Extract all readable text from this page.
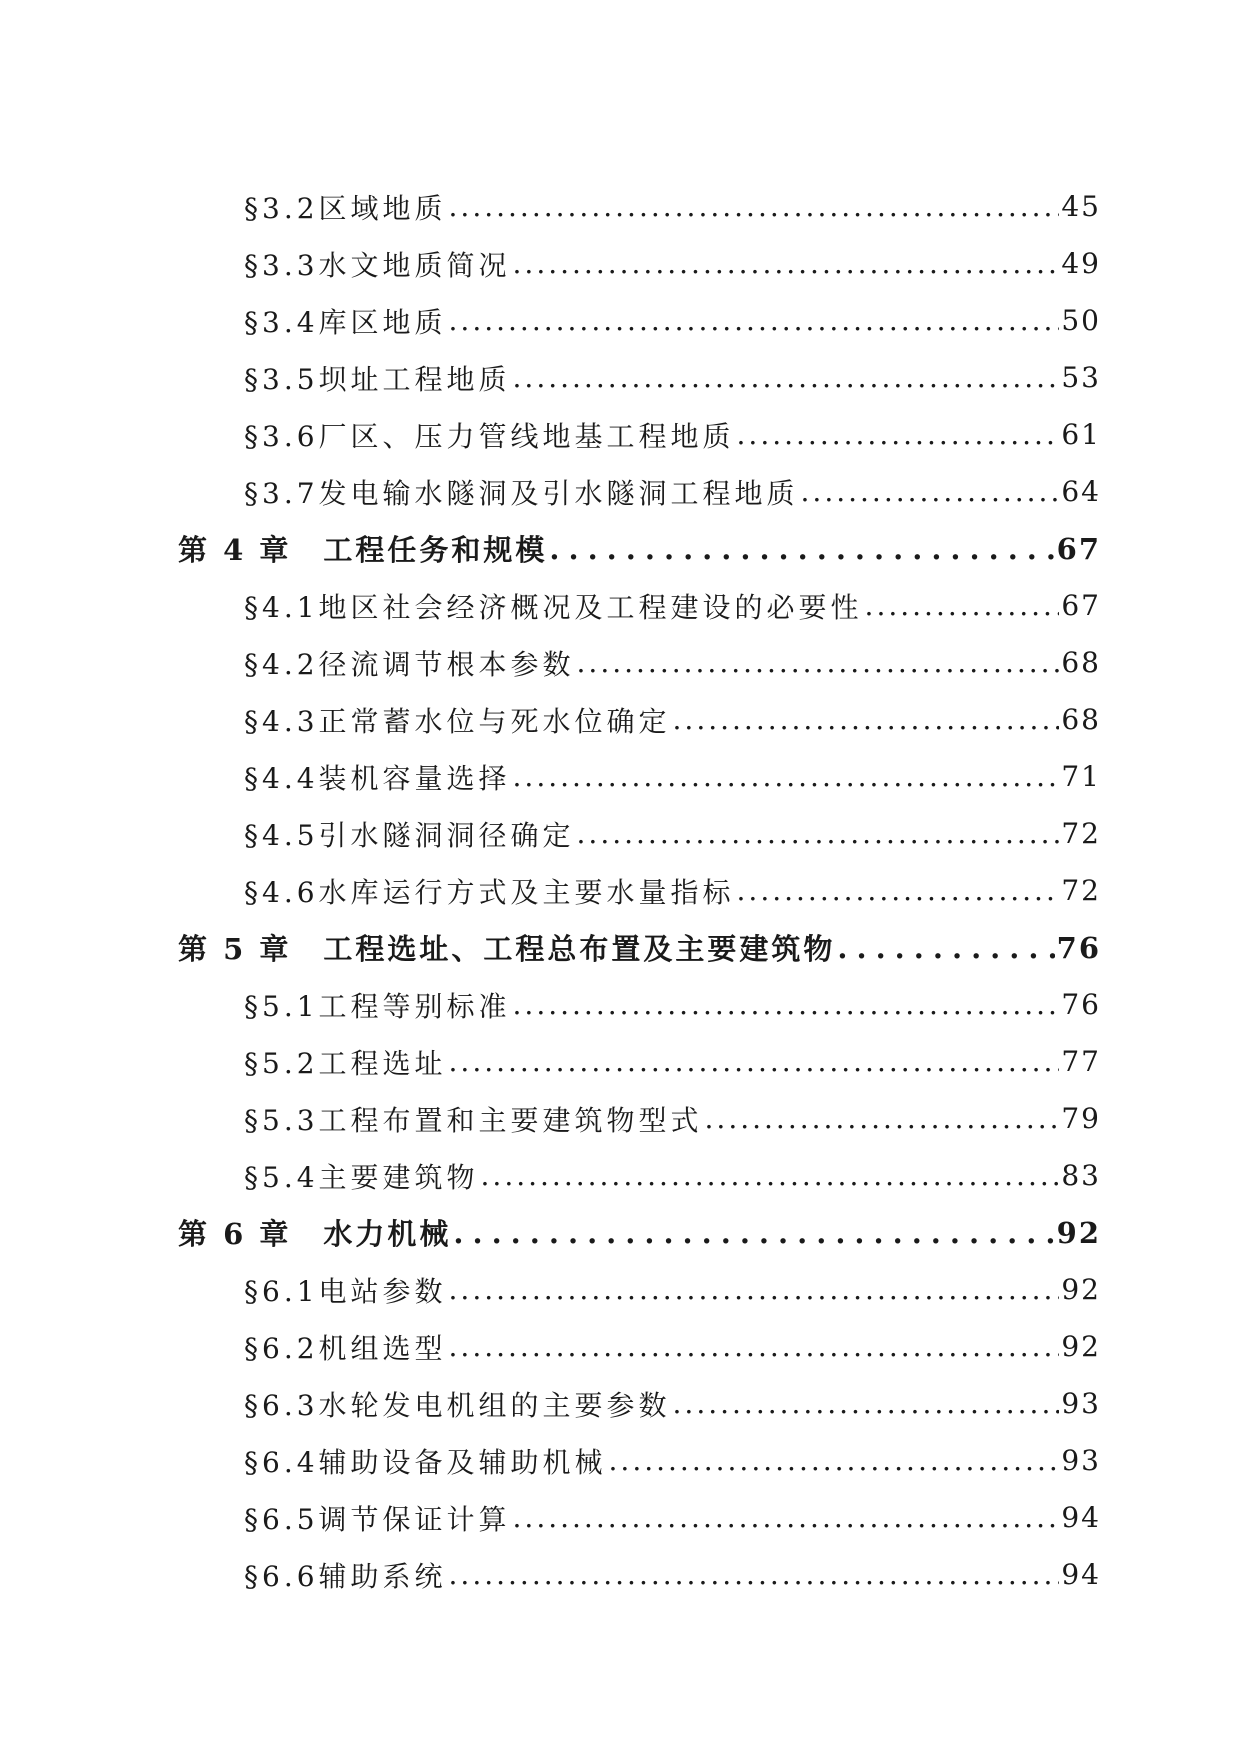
§3.2区域地质 .....	45
§3.3水文地质简况 .....	49
§3.4库区地质 .....	50
§3.5坝址工程地质 .....	53
§3.6厂区、压力管线地基工程地质 .....	61
§3.7发电输水隧洞及引水隧洞工程地质 .....	64
第 4 章 工程任务和规模 .....	67
§4.1地区社会经济概况及工程建设的必要性 .....	67
§4.2径流调节根本参数 .....	68
§4.3正常蓄水位与死水位确定 .....	68
§4.4装机容量选择 .....	71
§4.5引水隧洞洞径确定 .....	72
§4.6水库运行方式及主要水量指标 .....	72
第 5 章 工程选址、工程总布置及主要建筑物 .....	76
§5.1工程等别标准 .....	76
§5.2工程选址 .....	77
§5.3工程布置和主要建筑物型式 .....	79
§5.4主要建筑物 .....	83
第 6 章 水力机械 .....	92
§6.1电站参数 .....	92
§6.2机组选型 .....	92
§6.3水轮发电机组的主要参数 .....	93
§6.4辅助设备及辅助机械 .....	93
§6.5调节保证计算 .....	94
§6.6辅助系统 .....	94
